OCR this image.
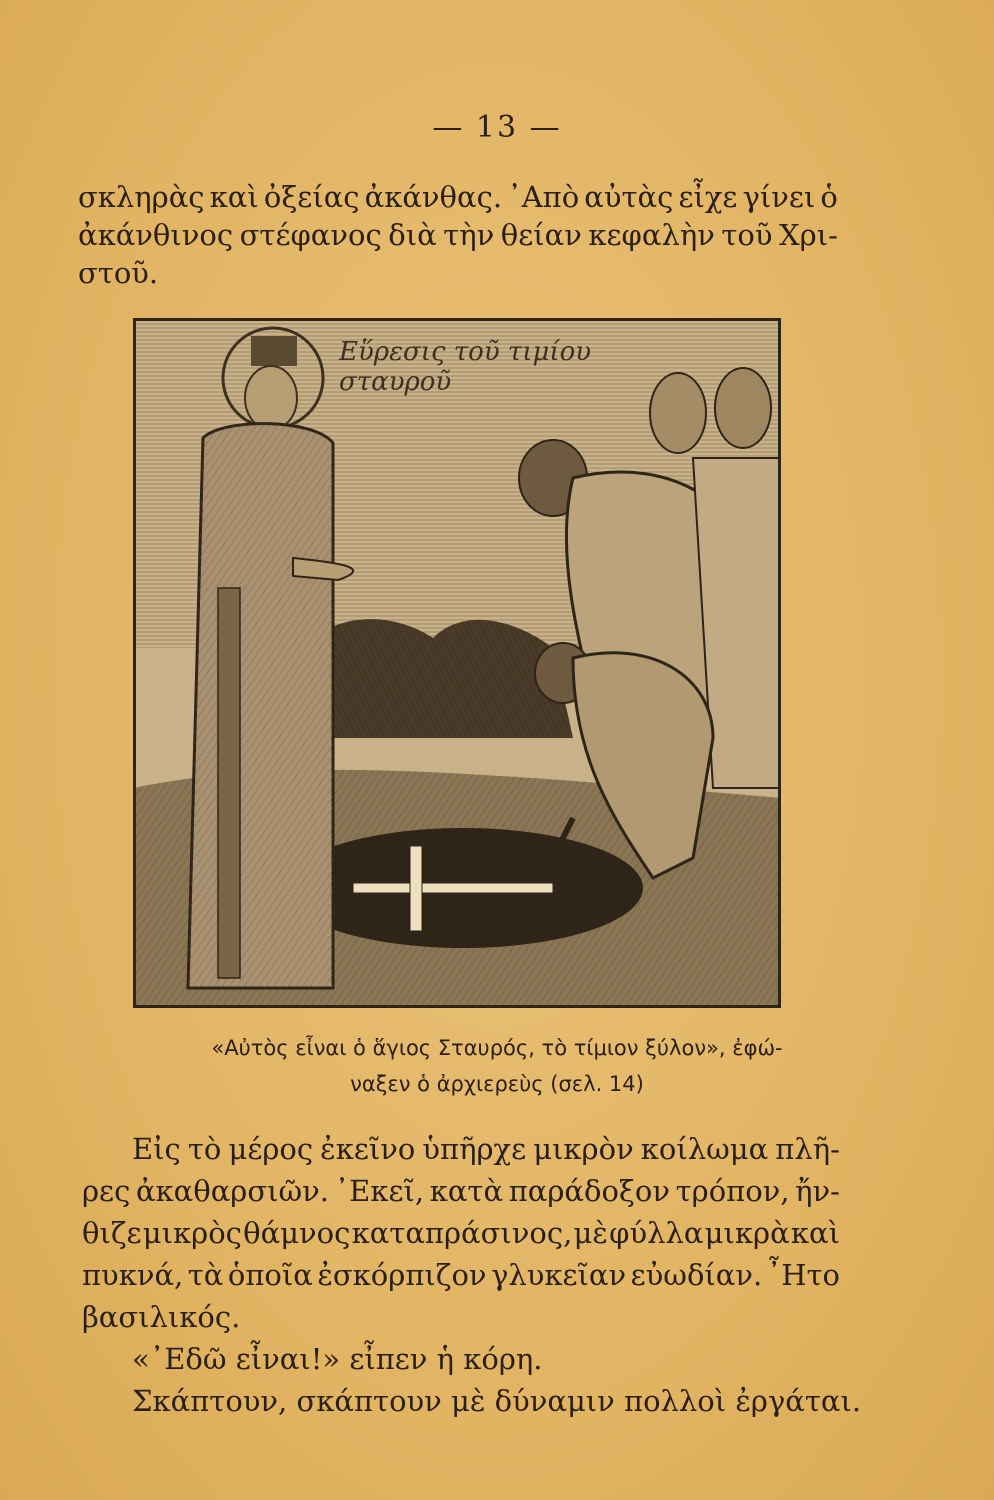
— 13 —

σκληρὰς καὶ ὀξείας ἀκάνθας. ᾿Απὸ αὐτὰς εἶχε γίνει ὁ
ἀκάνθινος στέφανος διὰ τὴν θείαν κεφαλὴν τοῦ Χρι-
στοῦ.

Εὕρεσις τοῦ τιμίου
σταυροῦ
«Αὐτὸς εἶναι ὁ ἅγιος Σταυρός, τὸ τίμιον ξύλον», ἐφώ-
ναξεν ὁ ἀρχιερεὺς (σελ. 14)
Εἰς τὸ μέρος ἐκεῖνο ὑπῆρχε μικρὸν κοίλωμα πλῆ-
ρες ἀκαθαρσιῶν. ᾿Εκεῖ, κατὰ παράδοξον τρόπον, ἤν-
θιζε μικρὸς θάμνος καταπράσινος, μὲ φύλλα μικρὰ καὶ
πυκνά, τὰ ὁποῖα ἐσκόρπιζον γλυκεῖαν εὐωδίαν. ῏Ητο
βασιλικός.
«᾿Εδῶ εἶναι!» εἶπεν ἡ κόρη.
Σκάπτουν, σκάπτουν μὲ δύναμιν πολλοὶ ἐργάται.
